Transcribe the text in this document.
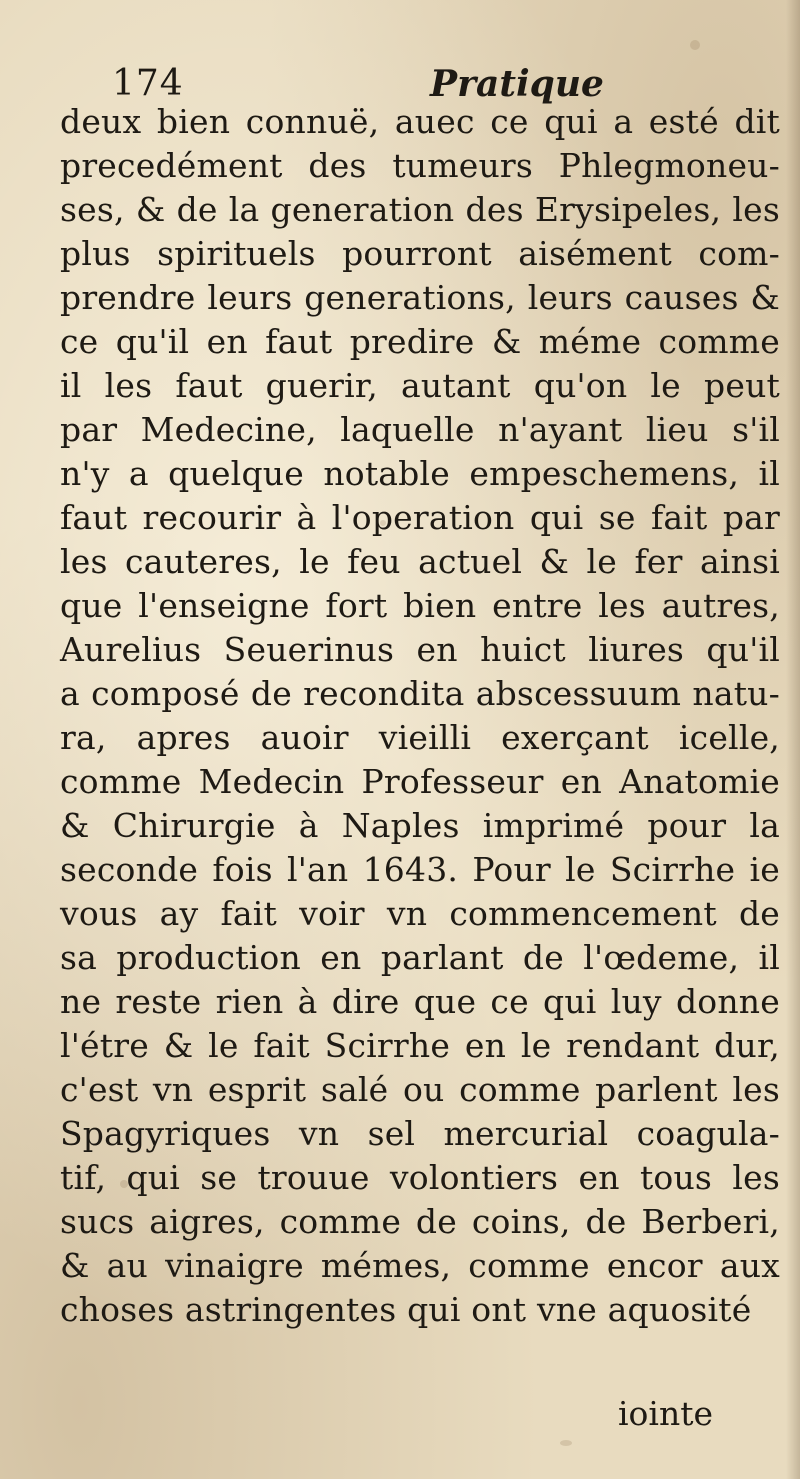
174	Pratique
deux bien connuë, auec ce qui a esté dit
precedément des tumeurs Phlegmoneu-
ses, & de la generation des Erysipeles, les
plus spirituels pourront aisément com-
prendre leurs generations, leurs causes &
ce qu'il en faut predire & méme comme
il les faut guerir, autant qu'on le peut
par Medecine, laquelle n'ayant lieu s'il
n'y a quelque notable empeschemens, il
faut recourir à l'operation qui se fait par
les cauteres, le feu actuel & le fer ainsi
que l'enseigne fort bien entre les autres,
Aurelius Seuerinus en huict liures qu'il
a composé de recondita abscessuum natu-
ra, apres auoir vieilli exerçant icelle,
comme Medecin Professeur en Anatomie
& Chirurgie à Naples imprimé pour la
seconde fois l'an 1643. Pour le Scirrhe ie
vous ay fait voir vn commencement de
sa production en parlant de l'œdeme, il
ne reste rien à dire que ce qui luy donne
l'étre & le fait Scirrhe en le rendant dur,
c'est vn esprit salé ou comme parlent les
Spagyriques vn sel mercurial coagula-
tif, qui se trouue volontiers en tous les
sucs aigres, comme de coins, de Berberi,
& au vinaigre mémes, comme encor aux
choses astringentes qui ont vne aquosité
iointe
